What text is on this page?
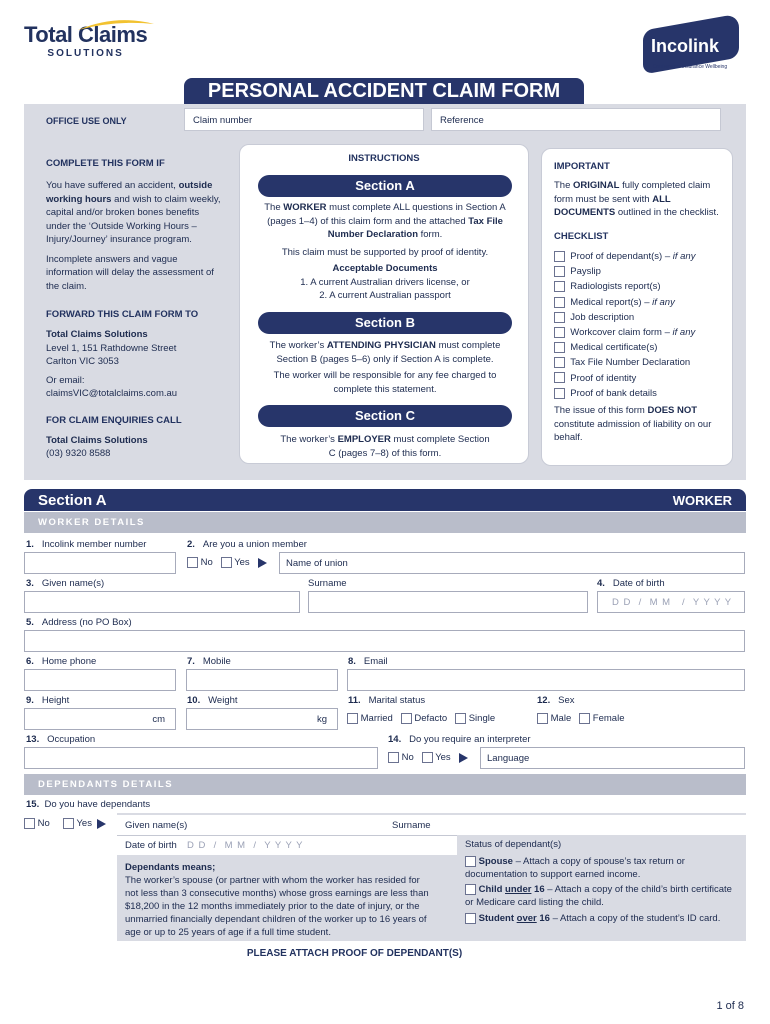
Total Claims
SOLUTIONS	Incolink
Entitlements Insurance Wellbeing
PERSONAL ACCIDENT CLAIM FORM
OFFICE USE ONLY	Claim number	Reference
COMPLETE THIS FORM IF
You have suffered an accident, outside working hours and wish to claim weekly, capital and/or broken bones benefits under the ‘Outside Working Hours – Injury/Journey’ insurance program.
Incomplete answers and vague information will delay the assessment of the claim.
FORWARD THIS CLAIM FORM TO
Total Claims Solutions
Level 1, 151 Rathdowne Street
Carlton VIC 3053
Or email:
claimsVIC@totalclaims.com.au
FOR CLAIM ENQUIRIES CALL
Total Claims Solutions
(03) 9320 8588
INSTRUCTIONS
Section A
The WORKER must complete ALL questions in Section A (pages 1–4) of this claim form and the attached Tax File Number Declaration form.
This claim must be supported by proof of identity.
Acceptable Documents
1. A current Australian drivers license, or
2. A current Australian passport
Section B
The worker’s ATTENDING PHYSICIAN must complete Section B (pages 5–6) only if Section A is complete.
The worker will be responsible for any fee charged to complete this statement.
Section C
The worker’s EMPLOYER must complete Section C (pages 7–8) of this form.
IMPORTANT
The ORIGINAL fully completed claim form must be sent with ALL DOCUMENTS outlined in the checklist.
CHECKLIST
Proof of dependant(s) – if any
Payslip
Radiologists report(s)
Medical report(s) – if any
Job description
Workcover claim form – if any
Medical certificate(s)
Tax File Number Declaration
Proof of identity
Proof of bank details
The issue of this form DOES NOT constitute admission of liability on our behalf.
Section A	WORKER
WORKER DETAILS
1. Incolink member number	2. Are you a union member
No Yes	Name of union
3. Given name(s)	Surname	4. Date of birth
D D / M M / Y Y Y Y
5. Address (no PO Box)
6. Home phone	7. Mobile	8. Email
9. Height	10. Weight	11. Marital status	12. Sex
cm	kg	Married Defacto Single	Male Female
13. Occupation	14. Do you require an interpreter
No Yes	Language
DEPENDANTS DETAILS
15. Do you have dependants
No	Yes	Given name(s)	Surname
Date of birth D D / M M / Y Y Y Y	Status of dependant(s)
Dependants means;
The worker’s spouse (or partner with whom the worker has resided for not less than 3 consecutive months) whose gross earnings are less than $18,200 in the 12 months immediately prior to the date of injury, or the unmarried financially dependant children of the worker up to 16 years of age or up to 25 years of age if a full time student.
Spouse – Attach a copy of spouse’s tax return or documentation to support earned income.
Child under 16 – Attach a copy of the child’s birth certificate or Medicare card listing the child.
Student over 16 – Attach a copy of the student’s ID card.
PLEASE ATTACH PROOF OF DEPENDANT(S)
1 of 8
